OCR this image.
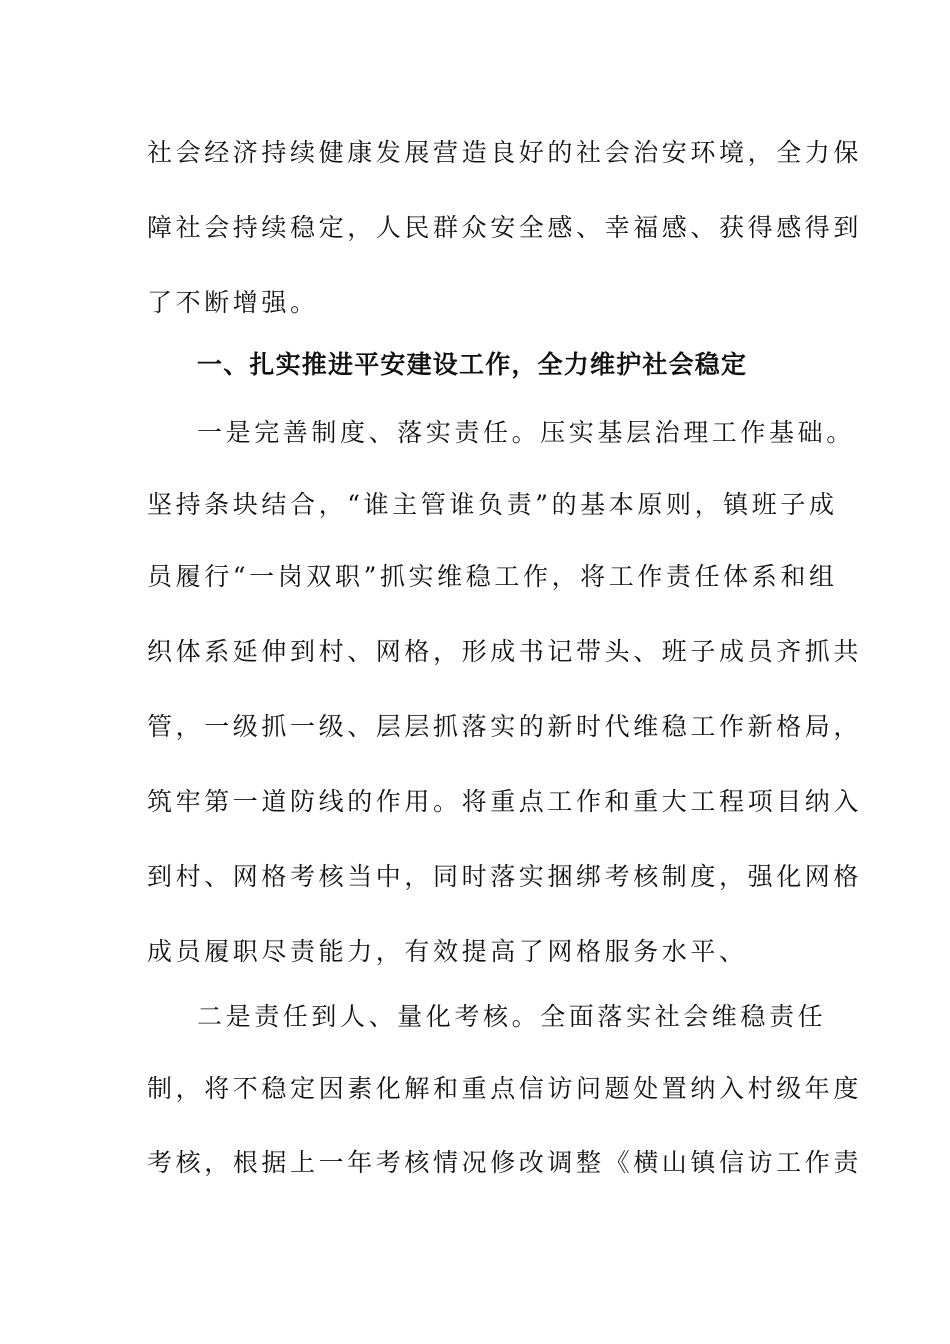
社会经济持续健康发展营造良好的社会治安环境，全力保
障社会持续稳定，人民群众安全感、幸福感、获得感得到
了不断增强。
一、扎实推进平安建设工作，全力维护社会稳定
一是完善制度、落实责任。压实基层治理工作基础。
坚持条块结合，“谁主管谁负责”的基本原则，镇班子成
员履行“一岗双职”抓实维稳工作，将工作责任体系和组
织体系延伸到村、网格，形成书记带头、班子成员齐抓共
管，一级抓一级、层层抓落实的新时代维稳工作新格局，
筑牢第一道防线的作用。将重点工作和重大工程项目纳入
到村、网格考核当中，同时落实捆绑考核制度，强化网格
成员履职尽责能力，有效提高了网格服务水平、
二是责任到人、量化考核。全面落实社会维稳责任
制，将不稳定因素化解和重点信访问题处置纳入村级年度
考核，根据上一年考核情况修改调整《横山镇信访工作责
